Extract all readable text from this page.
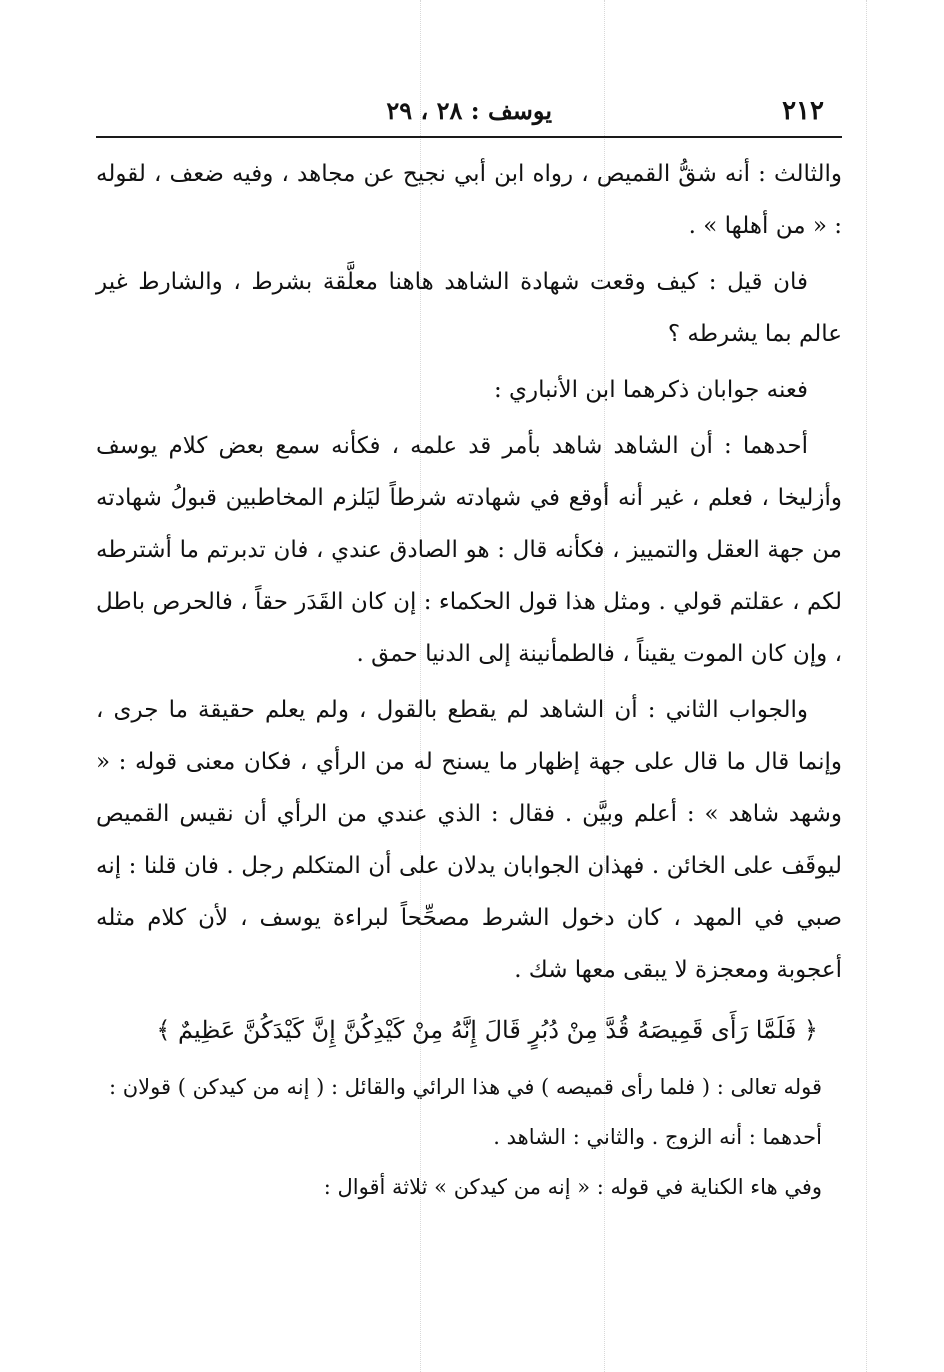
٢١٢
يوسف : ٢٨ ، ٢٩

والثالث : أنه شقُّ القميص ، رواه ابن أبي نجيح عن مجاهد ، وفيه ضعف ، لقوله : « من أهلها » .

فان قيل : كيف وقعت شهادة الشاهد هاهنا معلَّقة بشرط ، والشارط غير عالم بما يشرطه ؟

فعنه جوابان ذكرهما ابن الأنباري :

أحدهما : أن الشاهد شاهد بأمر قد علمه ، فكأنه سمع بعض كلام يوسف وأزليخا ، فعلم ، غير أنه أوقع في شهادته شرطاً ليَلزم المخاطبين قبولُ شهادته من جهة العقل والتمييز ، فكأنه قال : هو الصادق عندي ، فان تدبرتم ما أشترطه لكم ، عقلتم قولي . ومثل هذا قول الحكماء : إن كان القَدَر حقاً ، فالحرص باطل ، وإن كان الموت يقيناً ، فالطمأنينة إلى الدنيا حمق .

والجواب الثاني : أن الشاهد لم يقطع بالقول ، ولم يعلم حقيقة ما جرى ، وإنما قال ما قال على جهة إظهار ما يسنح له من الرأي ، فكان معنى قوله : « وشهد شاهد » : أعلم وبيَّن . فقال : الذي عندي من الرأي أن نقيس القميص ليوقَف على الخائن . فهذان الجوابان يدلان على أن المتكلم رجل . فان قلنا : إنه صبي في المهد ، كان دخول الشرط مصحِّحاً لبراءة يوسف ، لأن كلام مثله أعجوبة ومعجزة لا يبقى معها شك .

﴿ فَلَمَّا رَأَى قَمِيصَهُ قُدَّ مِنْ دُبُرٍ قَالَ إِنَّهُ مِنْ كَيْدِكُنَّ إِنَّ كَيْدَكُنَّ عَظِيمٌ ﴾

قوله تعالى : ( فلما رأى قميصه ) في هذا الرائي والقائل : ( إنه من كيدكن ) قولان :

أحدهما : أنه الزوج . والثاني : الشاهد .

وفي هاء الكناية في قوله : « إنه من كيدكن » ثلاثة أقوال :
